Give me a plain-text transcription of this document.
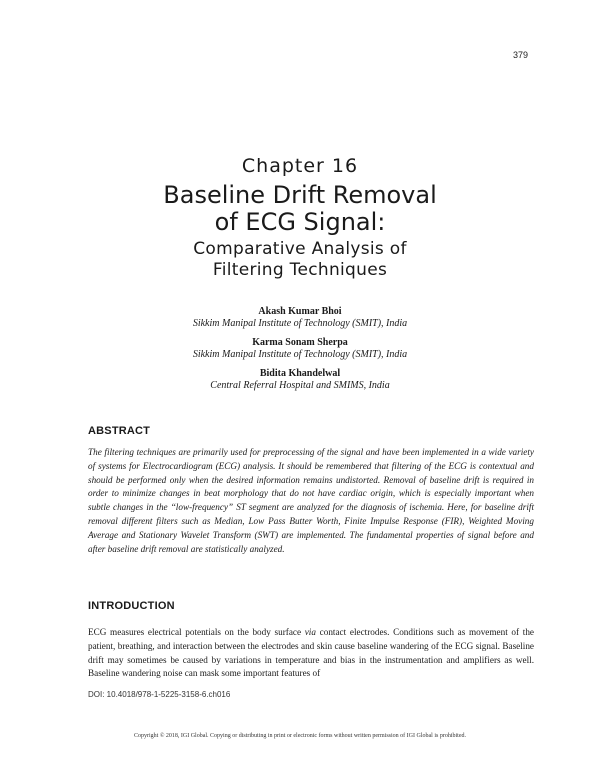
379
Chapter 16
Baseline Drift Removal
of ECG Signal:
Comparative Analysis of
Filtering Techniques
Akash Kumar Bhoi
Sikkim Manipal Institute of Technology (SMIT), India
Karma Sonam Sherpa
Sikkim Manipal Institute of Technology (SMIT), India
Bidita Khandelwal
Central Referral Hospital and SMIMS, India
ABSTRACT

The filtering techniques are primarily used for preprocessing of the signal and have been implemented in a wide variety of systems for Electrocardiogram (ECG) analysis. It should be remembered that filtering of the ECG is contextual and should be performed only when the desired information remains undistorted. Removal of baseline drift is required in order to minimize changes in beat morphology that do not have cardiac origin, which is especially important when subtle changes in the ‘‘low-frequency” ST segment are analyzed for the diagnosis of ischemia. Here, for baseline drift removal different filters such as Median, Low Pass Butter Worth, Finite Impulse Response (FIR), Weighted Moving Average and Stationary Wavelet Transform (SWT) are implemented. The fundamental properties of signal before and after baseline drift removal are statistically analyzed.

INTRODUCTION

ECG measures electrical potentials on the body surface via contact electrodes. Conditions such as movement of the patient, breathing, and interaction between the electrodes and skin cause baseline wandering of the ECG signal. Baseline drift may sometimes be caused by variations in temperature and bias in the instrumentation and amplifiers as well. Baseline wandering noise can mask some important features of

DOI: 10.4018/978-1-5225-3158-6.ch016
Copyright © 2018, IGI Global. Copying or distributing in print or electronic forms without written permission of IGI Global is prohibited.
